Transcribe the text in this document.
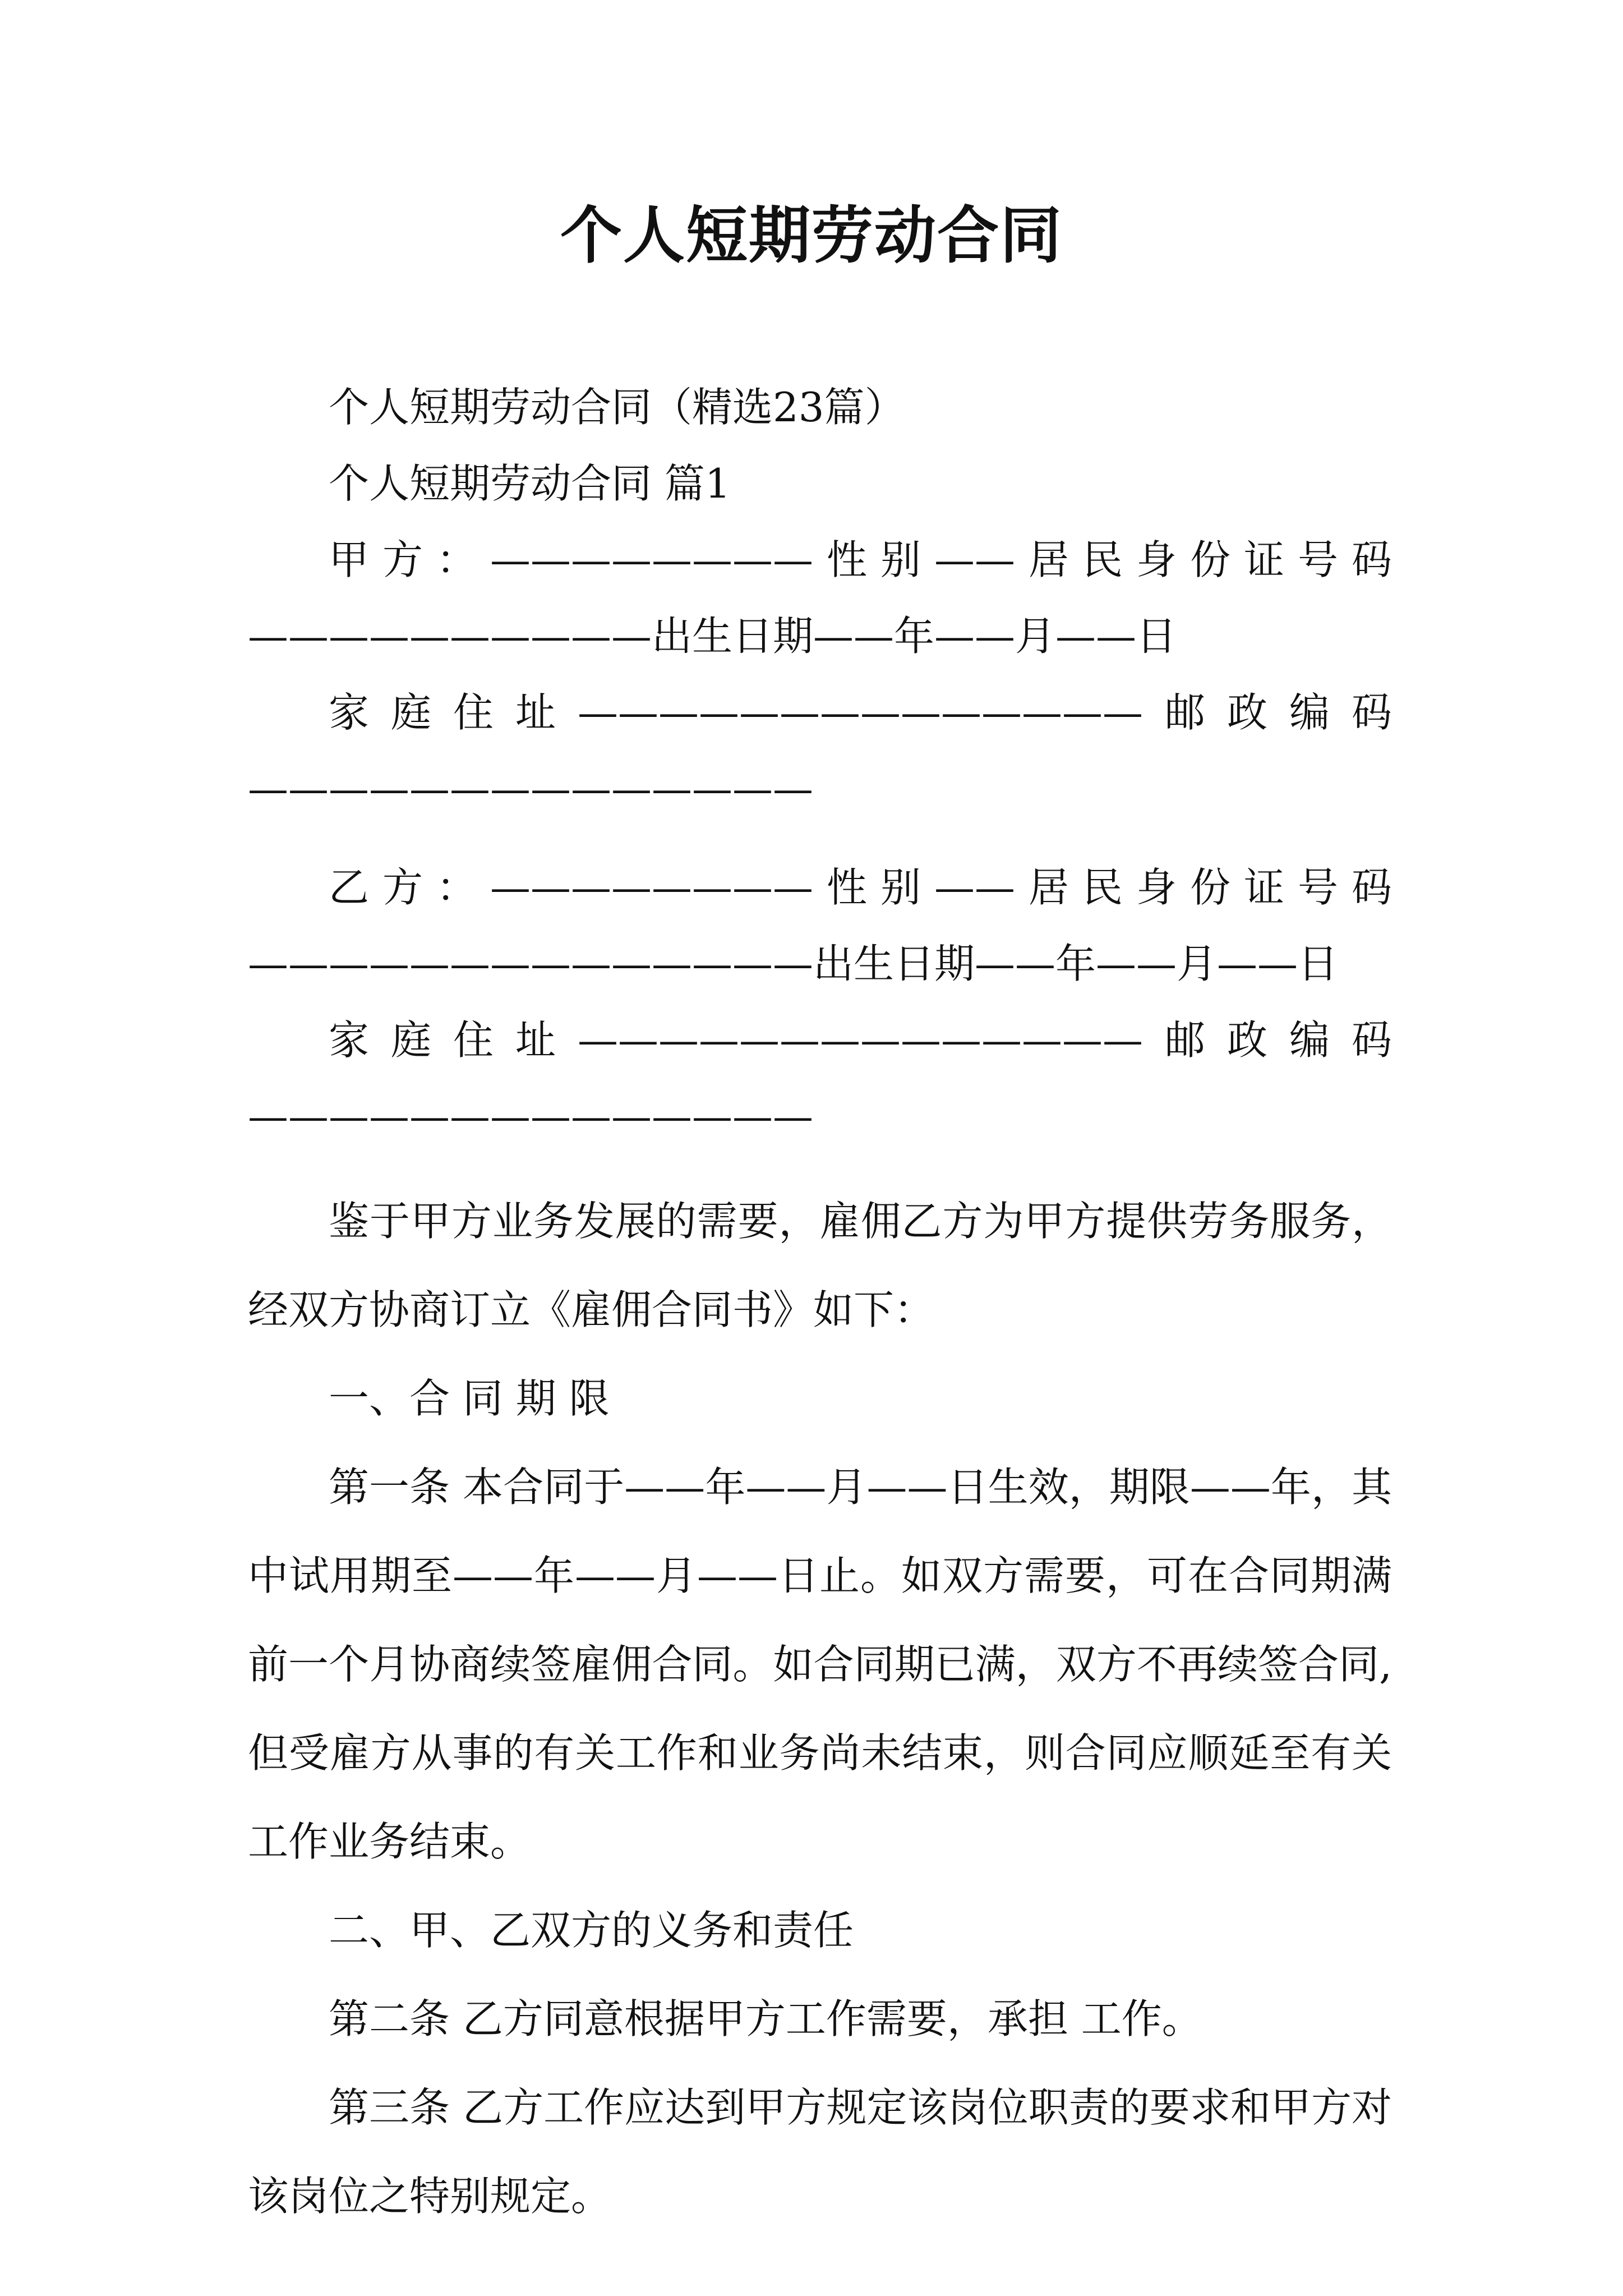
个人短期劳动合同

个人短期劳动合同（精选23篇）

个人短期劳动合同 篇1

甲方：————————性别——居民身份证号码

——————————出生日期——年——月——日

家庭住址——————————————邮政编码

——————————————

乙方：————————性别——居民身份证号码

——————————————出生日期——年——月——日

家庭住址——————————————邮政编码

——————————————

鉴于甲方业务发展的需要，雇佣乙方为甲方提供劳务服务，经双方协商订立《雇佣合同书》如下：

一、合 同 期 限

第一条 本合同于——年——月——日生效，期限——年，其中试用期至——年——月——日止。如双方需要，可在合同期满前一个月协商续签雇佣合同。如合同期已满，双方不再续签合同,但受雇方从事的有关工作和业务尚未结束，则合同应顺延至有关工作业务结束。

二、甲、乙双方的义务和责任

第二条 乙方同意根据甲方工作需要，承担 工作。

第三条 乙方工作应达到甲方规定该岗位职责的要求和甲方对该岗位之特别规定。
